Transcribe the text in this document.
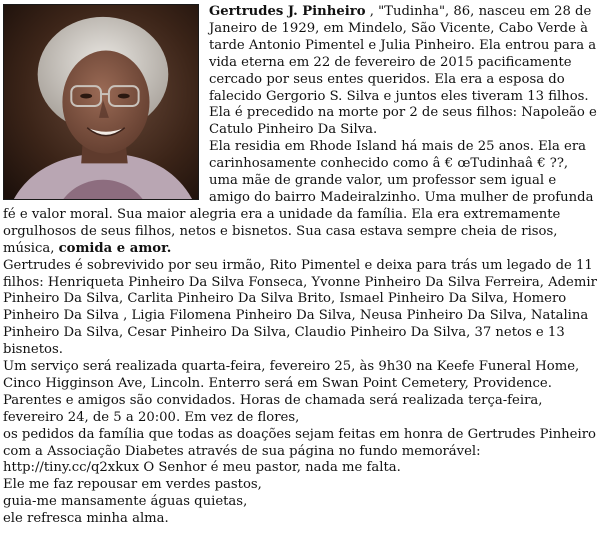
Gertrudes J. Pinheiro , "Tudinha", 86, nasceu em 28 de Janeiro de 1929, em Mindelo, São Vicente, Cabo Verde à tarde Antonio Pimentel e Julia Pinheiro. Ela entrou para a vida eterna em 22 de fevereiro de 2015 pacificamente cercado por seus entes queridos. Ela era a esposa do falecido Gergorio S. Silva e juntos eles tiveram 13 filhos. Ela é precedido na morte por 2 de seus filhos: Napoleão e Catulo Pinheiro Da Silva.

Ela residia em Rhode Island há mais de 25 anos. Ela era carinhosamente conhecido como â € œTudinhaâ € ??, uma mãe de grande valor, um professor sem igual e amigo do bairro Madeiralzinho. Uma mulher de profunda fé e valor moral. Sua maior alegria era a unidade da família. Ela era extremamente orgulhosos de seus filhos, netos e bisnetos. Sua casa estava sempre cheia de risos, música, comida e amor.

Gertrudes é sobrevivido por seu irmão, Rito Pimentel e deixa para trás um legado de 11 filhos: Henriqueta Pinheiro Da Silva Fonseca, Yvonne Pinheiro Da Silva Ferreira, Ademir Pinheiro Da Silva, Carlita Pinheiro Da Silva Brito, Ismael Pinheiro Da Silva, Homero Pinheiro Da Silva , Ligia Filomena Pinheiro Da Silva, Neusa Pinheiro Da Silva, Natalina Pinheiro Da Silva, Cesar Pinheiro Da Silva, Claudio Pinheiro Da Silva, 37 netos e 13 bisnetos.

Um serviço será realizada quarta-feira, fevereiro 25, às 9h30 na Keefe Funeral Home, Cinco Higginson Ave, Lincoln. Enterro será em Swan Point Cemetery, Providence. Parentes e amigos são convidados. Horas de chamada será realizada terça-feira, fevereiro 24, de 5 a 20:00. Em vez de flores,

os pedidos da família que todas as doações sejam feitas em honra de Gertrudes Pinheiro com a Associação Diabetes através de sua página no fundo memorável: http://tiny.cc/q2xkux O Senhor é meu pastor, nada me falta.

Ele me faz repousar em verdes pastos,

guia-me mansamente águas quietas,

ele refresca minha alma.
